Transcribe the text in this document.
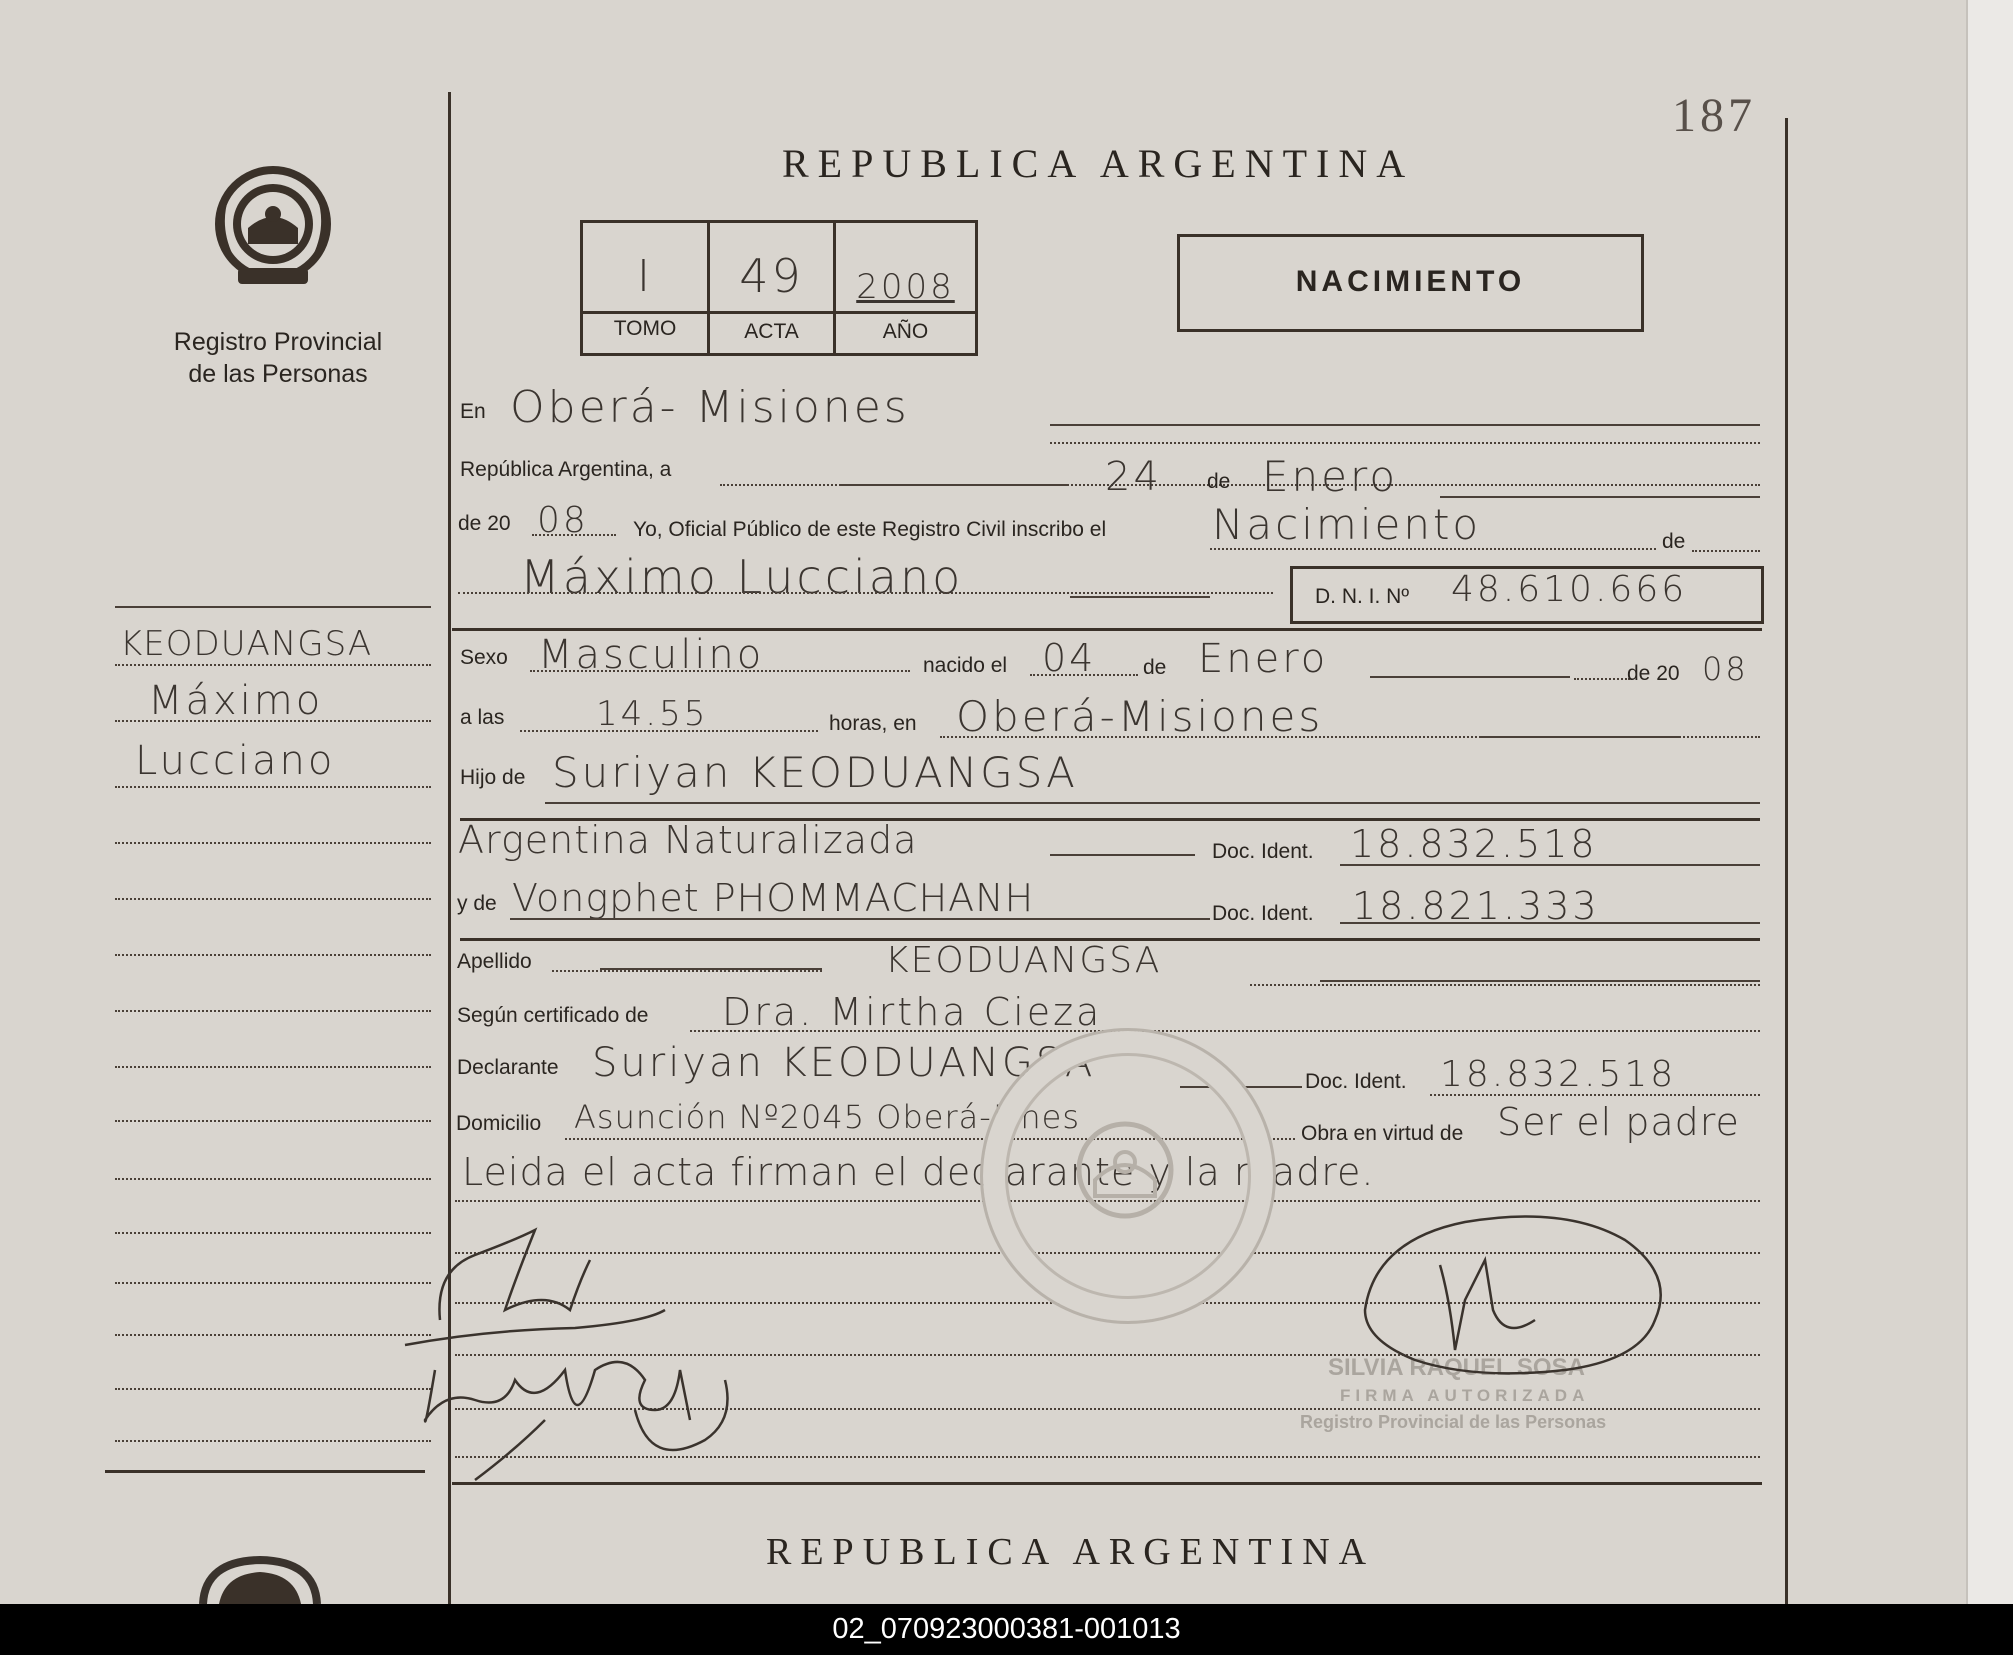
187
Registro Provincial
de las Personas
REPUBLICA ARGENTINA
I	49	2008
TOMO	ACTA	AÑO
NACIMIENTO
KEODUANGSA
Máximo
Lucciano
En Oberá- Misiones
República Argentina, a	24 de Enero
de 20 08 Yo, Oficial Público de este Registro Civil inscribo el	Nacimiento	de
Máximo Lucciano	D. N. I. Nº 48.610.666
Sexo Masculino	nacido el 04 de Enero	de 20 08
a las	14.55	horas, en Oberá-Misiones
Hijo de Suriyan KEODUANGSA
Argentina Naturalizada	Doc. Ident. 18.832.518
y de Vongphet PHOMMACHANH	Doc. Ident. 18.821.333
Apellido	KEODUANGSA
Según certificado de Dra. Mirtha Cieza
Declarante Suriyan KEODUANGSA	Doc. Ident. 18.832.518
Domicilio Asunción Nº2045 Oberá-Mnes	Obra en virtud de Ser el padre
Leida el acta firman el declarante y la madre.
SILVIA RAQUEL SOSA
FIRMA AUTORIZADA
Registro Provincial de las Personas
REPUBLICA ARGENTINA
02_070923000381-001013
